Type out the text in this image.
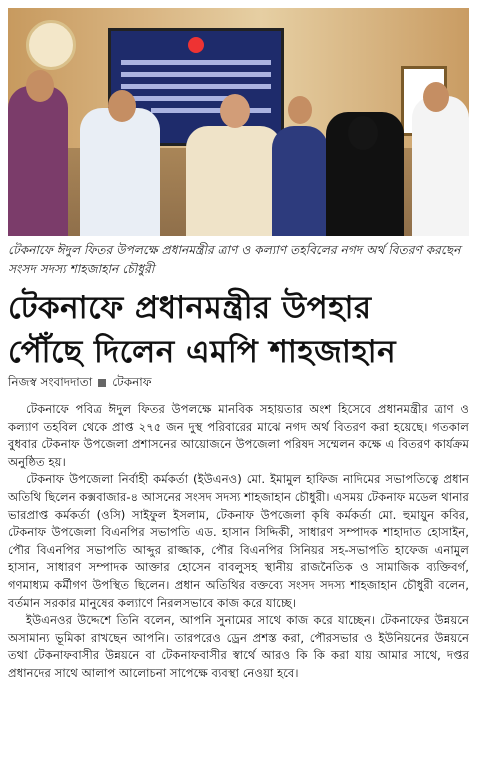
টেকনাফে ঈদুল ফিতর উপলক্ষে প্রধানমন্ত্রীর ত্রাণ ও কল্যাণ তহবিলের নগদ অর্থ বিতরণ করছেন সংসদ সদস্য শাহজাহান চৌধুরী
টেকনাফে প্রধানমন্ত্রীর উপহার
পৌঁছে দিলেন এমপি শাহজাহান
নিজস্ব সংবাদদাতা টেকনাফ

টেকনাফে পবিত্র ঈদুল ফিতর উপলক্ষে মানবিক সহায়তার অংশ হিসেবে প্রধানমন্ত্রীর ত্রাণ ও কল্যাণ তহবিল থেকে প্রাপ্ত ২৭৫ জন দুস্থ পরিবারের মাঝে নগদ অর্থ বিতরণ করা হয়েছে। গতকাল বুধবার টেকনাফ উপজেলা প্রশাসনের আয়োজনে উপজেলা পরিষদ সম্মেলন কক্ষে এ বিতরণ কার্যক্রম অনুষ্ঠিত হয়।

টেকনাফ উপজেলা নির্বাহী কর্মকর্তা (ইউএনও) মো. ইমামুল হাফিজ নাদিমের সভাপতিত্বে প্রধান অতিথি ছিলেন কক্সবাজার-৪ আসনের সংসদ সদস্য শাহজাহান চৌধুরী। এসময় টেকনাফ মডেল থানার ভারপ্রাপ্ত কর্মকর্তা (ওসি) সাইফুল ইসলাম, টেকনাফ উপজেলা কৃষি কর্মকর্তা মো. হুমায়ুন কবির, টেকনাফ উপজেলা বিএনপির সভাপতি এড. হাসান সিদ্দিকী, সাধারণ সম্পাদক শাহাদাত হোসাইন, পৌর বিএনপির সভাপতি আব্দুর রাজ্জাক, পৌর বিএনপির সিনিয়র সহ-সভাপতি হাফেজ এনামুল হাসান, সাধারণ সম্পাদক আক্তার হোসেন বাবলুসহ স্থানীয় রাজনৈতিক ও সামাজিক ব্যক্তিবর্গ, গণমাধ্যম কর্মীগণ উপস্থিত ছিলেন। প্রধান অতিথির বক্তব্যে সংসদ সদস্য শাহজাহান চৌধুরী বলেন, বর্তমান সরকার মানুষের কল্যাণে নিরলসভাবে কাজ করে যাচ্ছে।

ইউএনওর উদ্দেশে তিনি বলেন, আপনি সুনামের সাথে কাজ করে যাচ্ছেন। টেকনাফের উন্নয়নে অসামান্য ভূমিকা রাখছেন আপনি। তারপরেও ড্রেন প্রশস্ত করা, পৌরসভার ও ইউনিয়নের উন্নয়নে তথা টেকনাফবাসীর উন্নয়নে বা টেকনাফবাসীর স্বার্থে আরও কি কি করা যায় আমার সাথে, দপ্তর প্রধানদের সাথে আলাপ আলোচনা সাপেক্ষে ব্যবস্থা নেওয়া হবে।
